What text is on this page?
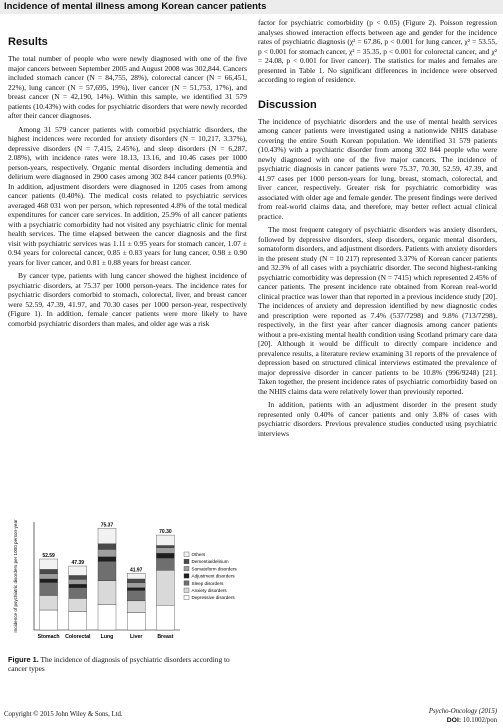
Incidence of mental illness among Korean cancer patients
Results

The total number of people who were newly diagnosed with one of the five major cancers between September 2005 and August 2008 was 302,844. Cancers included stomach cancer (N = 84,755, 28%), colorectal cancer (N = 66,451, 22%), lung cancer (N = 57,695, 19%), liver cancer (N = 51,753, 17%), and breast cancer (N = 42,190, 14%). Within this sample, we identified 31 579 patients (10.43%) with codes for psychiatric disorders that were newly recorded after their cancer diagnoses.

Among 31 579 cancer patients with comorbid psychiatric disorders, the highest incidences were recorded for anxiety disorders (N = 10,217, 3.37%), depressive disorders (N = 7,415, 2.45%), and sleep disorders (N = 6,287, 2.08%), with incidence rates were 18.13, 13.16, and 10.46 cases per 1000 person-years, respectively. Organic mental disorders including dementia and delirium were diagnosed in 2900 cases among 302 844 cancer patients (0.9%). In addition, adjustment disorders were diagnosed in 1205 cases from among cancer patients (0.40%). The medical costs related to psychiatric services averaged 468 031 won per person, which represented 4.8% of the total medical expenditures for cancer care services. In addition, 25.9% of all cancer patients with a psychiatric comorbidity had not visited any psychiatric clinic for mental health services. The time elapsed between the cancer diagnosis and the first visit with psychiatric services was 1.11 ± 0.95 years for stomach cancer, 1.07 ± 0.94 years for colorectal cancer, 0.85 ± 0.83 years for lung cancer, 0.98 ± 0.90 years for liver cancer, and 0.81 ± 0.88 years for breast cancer.

By cancer type, patients with lung cancer showed the highest incidence of psychiatric disorders, at 75.37 per 1000 person-years. The incidence rates for psychiatric disorders comorbid to stomach, colorectal, liver, and breast cancer were 52.59, 47.39, 41.97, and 70.30 cases per 1000 person-year, respectively (Figure 1). In addition, female cancer patients were more likely to have comorbid psychiatric disorders than males, and older age was a risk

factor for psychiatric comorbidity (p < 0.05) (Figure 2). Poisson regression analyses showed interaction effects between age and gender for the incidence rates of psychiatric diagnosis (χ² = 67.86, p < 0.001 for lung cancer, χ² = 53.55, p < 0.001 for stomach cancer, χ² = 35.35, p < 0.001 for colorectal cancer, and χ² = 24.08, p < 0.001 for liver cancer). The statistics for males and females are presented in Table 1. No significant differences in incidence were observed according to region of residence.

Discussion

The incidence of psychiatric disorders and the use of mental health services among cancer patients were investigated using a nationwide NHIS database covering the entire South Korean population. We identified 31 579 patients (10.43%) with a psychiatric disorder from among 302 844 people who were newly diagnosed with one of the five major cancers. The incidence of psychiatric diagnosis in cancer patients were 75.37, 70.30, 52.59, 47.39, and 41.97 cases per 1000 person-years for lung, breast, stomach, colorectal, and liver cancer, respectively. Greater risk for psychiatric comorbidity was associated with older age and female gender. The present findings were derived from real-world claims data, and therefore, may better reflect actual clinical practice.

The most frequent category of psychiatric disorders was anxiety disorders, followed by depressive disorders, sleep disorders, organic mental disorders, somatoform disorders, and adjustment disorders. Patients with anxiety disorders in the present study (N = 10 217) represented 3.37% of Korean cancer patients and 32.3% of all cases with a psychiatric disorder. The second highest-ranking psychiatric comorbidity was depression (N = 7415) which represented 2.45% of cancer patients. The present incidence rate obtained from Korean real-world clinical practice was lower than that reported in a previous incidence study [20]. The incidences of anxiety and depression identified by new diagnostic codes and prescription were reported as 7.4% (537/7298) and 9.8% (713/7298), respectively, in the first year after cancer diagnosis among cancer patients without a pre-existing mental health condition using Scotland primary care data [20]. Although it would be difficult to directly compare incidence and prevalence results, a literature review examining 31 reports of the prevalence of depression based on structured clinical interviews estimated the prevalence of major depressive disorder in cancer patients to be 10.8% (996/9248) [21]. Taken together, the present incidence rates of psychiatric comorbidity based on the NHIS claims data were relatively lower than previously reported.

In addition, patients with an adjustment disorder in the present study represented only 0.40% of cancer patients and only 3.8% of cases with psychiatric disorders. Previous prevalence studies conducted using psychiatric interviews

Incidence of psychiatric disorders per 1000 person-year	52.59
Stomach
47.39
Colorectal
75.37
Lung
41.97
Liver
70.30
Breast
Others
Dementia/delirium
Somatoform disorders
Adjustment disorders
Sleep disorders
Anxiety disorders
Depressive disorders
Figure 1. The incidence of diagnosis of psychiatric disorders according to cancer types
Copyright © 2015 John Wiley & Sons, Ltd.	Psycho-Oncology (2015)
DOI: 10.1002/pon
